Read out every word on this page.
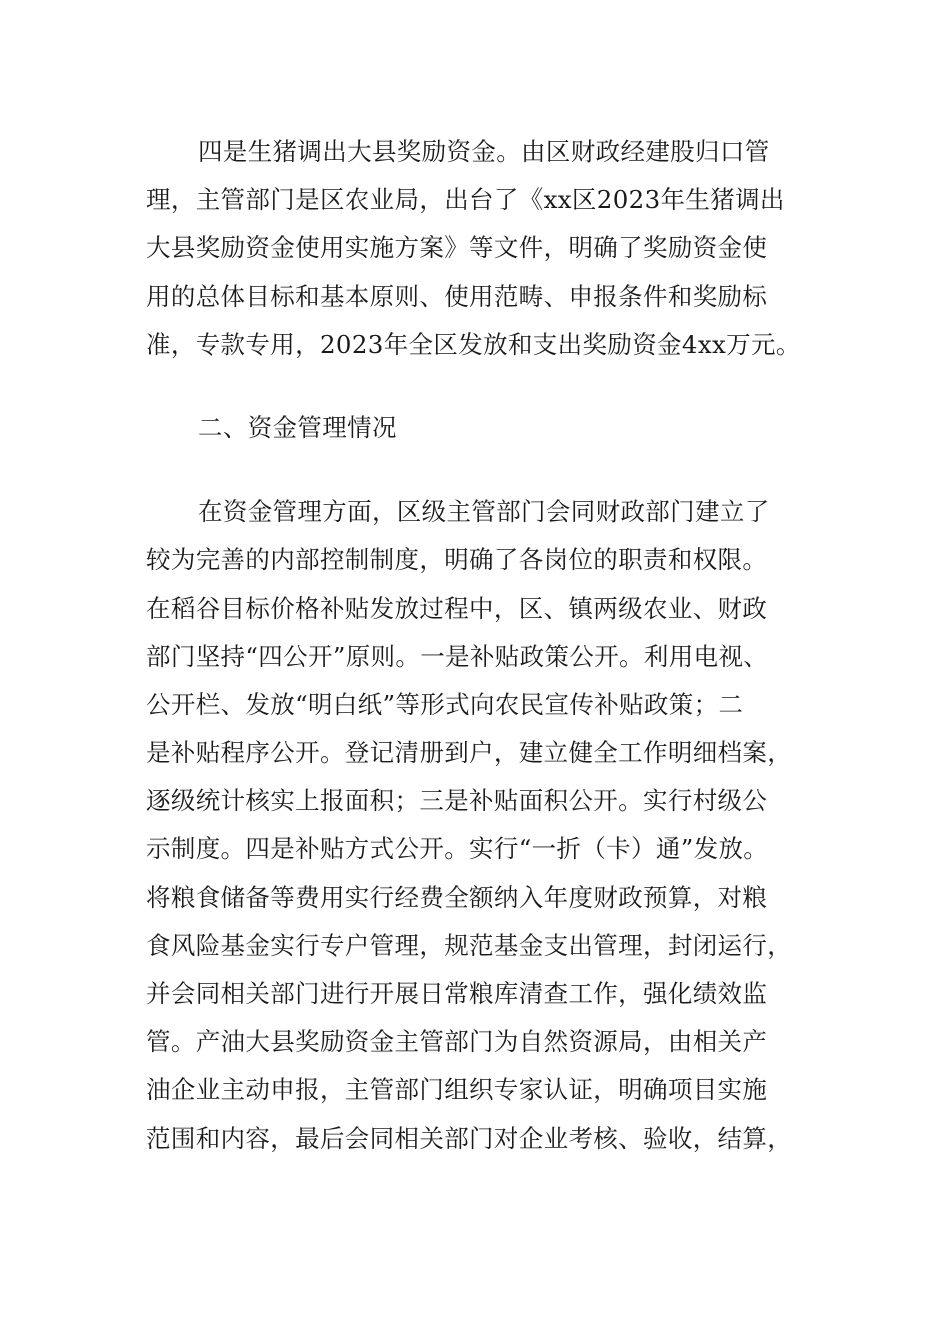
四是生猪调出大县奖励资金。由区财政经建股归口管
理，主管部门是区农业局，出台了《xx区2023年生猪调出
大县奖励资金使用实施方案》等文件，明确了奖励资金使
用的总体目标和基本原则、使用范畴、申报条件和奖励标
准，专款专用，2023年全区发放和支出奖励资金4xx万元。
二、资金管理情况
在资金管理方面，区级主管部门会同财政部门建立了
较为完善的内部控制制度，明确了各岗位的职责和权限。
在稻谷目标价格补贴发放过程中，区、镇两级农业、财政
部门坚持“四公开”原则。一是补贴政策公开。利用电视、
公开栏、发放“明白纸”等形式向农民宣传补贴政策；二
是补贴程序公开。登记清册到户，建立健全工作明细档案，
逐级统计核实上报面积；三是补贴面积公开。实行村级公
示制度。四是补贴方式公开。实行“一折（卡）通”发放。
将粮食储备等费用实行经费全额纳入年度财政预算，对粮
食风险基金实行专户管理，规范基金支出管理，封闭运行，
并会同相关部门进行开展日常粮库清查工作，强化绩效监
管。产油大县奖励资金主管部门为自然资源局，由相关产
油企业主动申报，主管部门组织专家认证，明确项目实施
范围和内容，最后会同相关部门对企业考核、验收，结算，
